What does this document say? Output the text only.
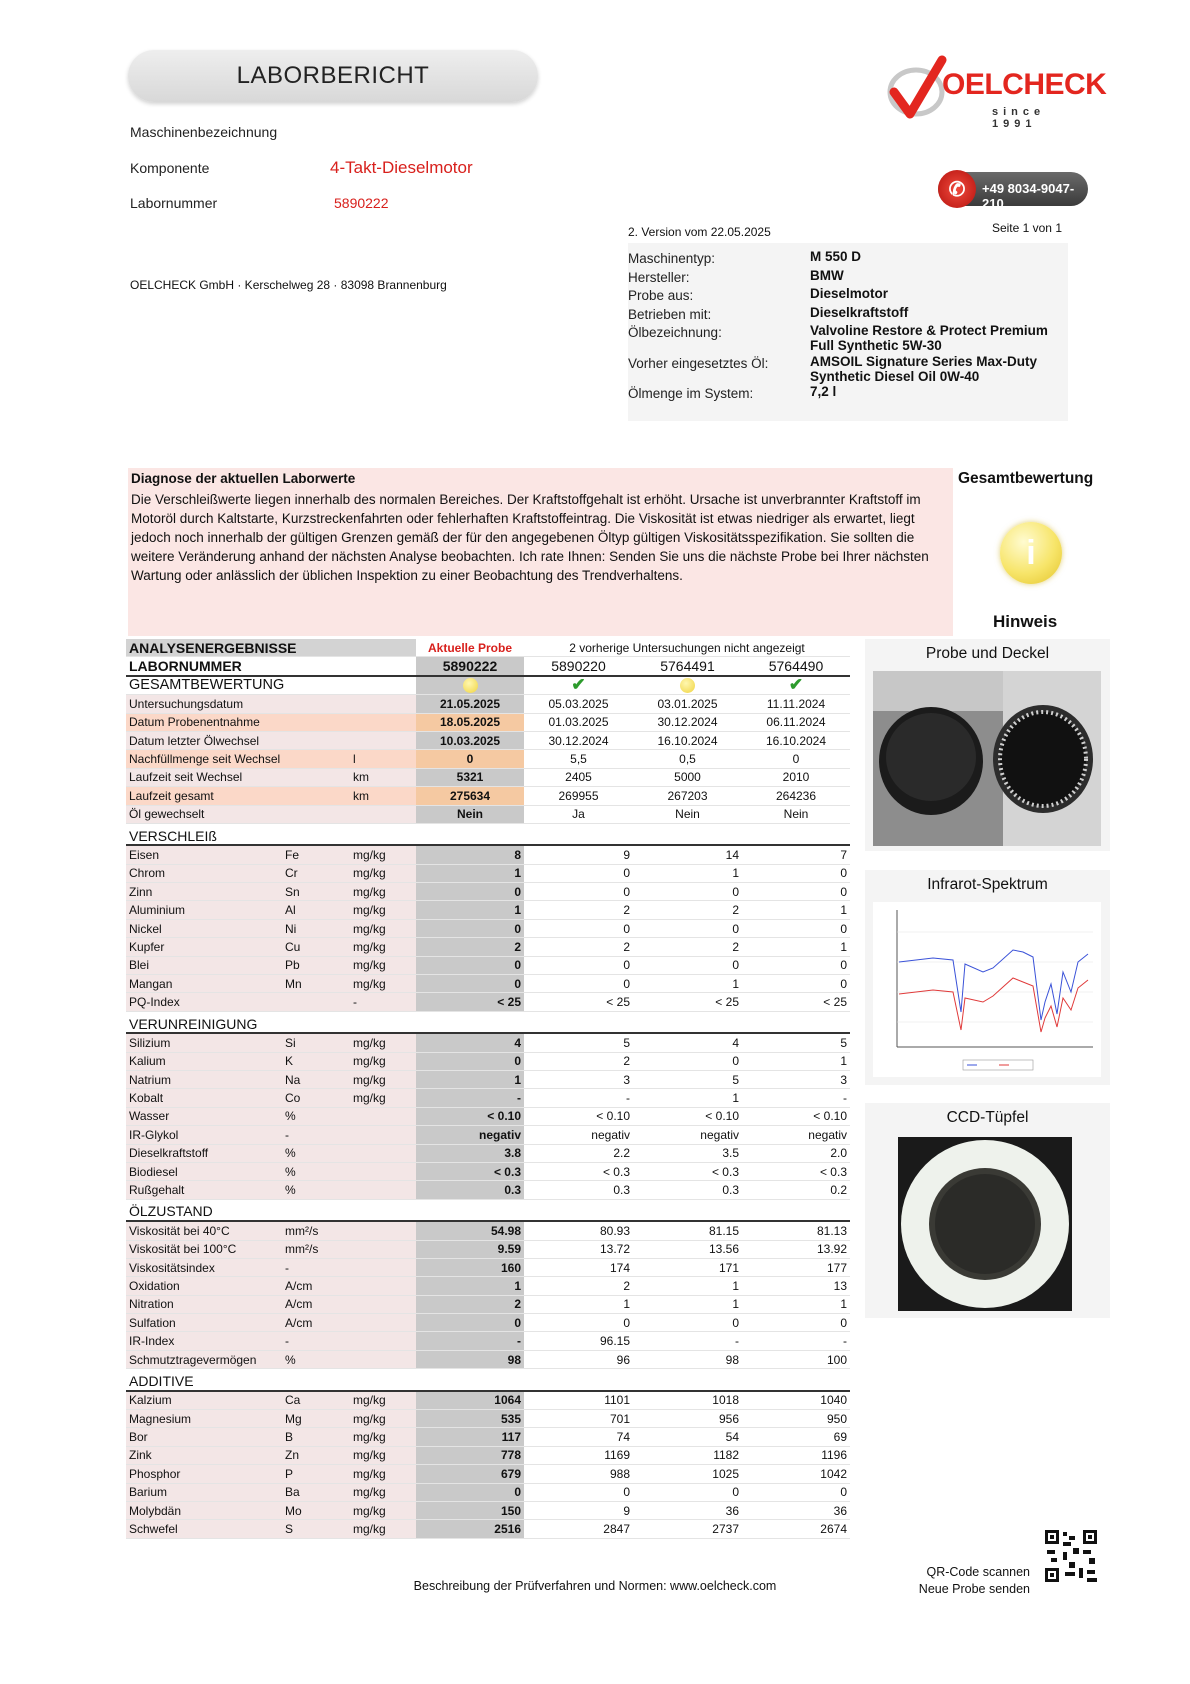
LABORBERICHT	OELCHECK
since 1991
✆	+49 8034-9047-210
Maschinenbezeichnung
Komponente	4-Takt-Dieselmotor
Labornummer	5890222
OELCHECK GmbH · Kerschelweg 28 · 83098 Brannenburg
2. Version vom 22.05.2025	Seite 1 von 1
Maschinentyp:	M 550 D
Hersteller:	BMW
Probe aus:	Dieselmotor
Betrieben mit:	Dieselkraftstoff
Ölbezeichnung:	Valvoline Restore & Protect Premium Full Synthetic 5W-30
Vorher eingesetztes Öl:	AMSOIL Signature Series Max-Duty Synthetic Diesel Oil 0W-40
Ölmenge im System:	7,2 l
Diagnose der aktuellen Laborwerte
Die Verschleißwerte liegen innerhalb des normalen Bereiches. Der Kraftstoffgehalt ist erhöht. Ursache ist unverbrannter Kraftstoff im Motoröl durch Kaltstarte, Kurzstreckenfahrten oder fehlerhaften Kraftstoffeintrag. Die Viskosität ist etwas niedriger als erwartet, liegt jedoch noch innerhalb der gültigen Grenzen gemäß der für den angegebenen Öltyp gültigen Viskositätsspezifikation. Sie sollten die weitere Veränderung anhand der nächsten Analyse beobachten. Ich rate Ihnen: Senden Sie uns die nächste Probe bei Ihrer nächsten Wartung oder anlässlich der üblichen Inspektion zu einer Beobachtung des Trendverhaltens.
Gesamtbewertung
i
Hinweis
ANALYSENERGEBNISSE			Aktuelle Probe	2 vorherige Untersuchungen nicht angezeigt		
LABORNUMMER			5890222	5890220	5764491	5764490
GESAMTBEWERTUNG				✔		✔
Untersuchungsdatum			21.05.2025	05.03.2025	03.01.2025	11.11.2024
Datum Probenentnahme			18.05.2025	01.03.2025	30.12.2024	06.11.2024
Datum letzter Ölwechsel			10.03.2025	30.12.2024	16.10.2024	16.10.2024
Nachfüllmenge seit Wechsel		l	0	5,5	0,5	0
Laufzeit seit Wechsel		km	5321	2405	5000	2010
Laufzeit gesamt		km	275634	269955	267203	264236
Öl gewechselt			Nein	Ja	Nein	Nein
VERSCHLEIß						
Eisen	Fe	mg/kg	8	9	14	7
Chrom	Cr	mg/kg	1	0	1	0
Zinn	Sn	mg/kg	0	0	0	0
Aluminium	Al	mg/kg	1	2	2	1
Nickel	Ni	mg/kg	0	0	0	0
Kupfer	Cu	mg/kg	2	2	2	1
Blei	Pb	mg/kg	0	0	0	0
Mangan	Mn	mg/kg	0	0	1	0
PQ-Index		-	< 25	< 25	< 25	< 25
VERUNREINIGUNG						
Silizium	Si	mg/kg	4	5	4	5
Kalium	K	mg/kg	0	2	0	1
Natrium	Na	mg/kg	1	3	5	3
Kobalt	Co	mg/kg	-	-	1	-
Wasser	%		< 0.10	< 0.10	< 0.10	< 0.10
IR-Glykol	-		negativ	negativ	negativ	negativ
Dieselkraftstoff	%		3.8	2.2	3.5	2.0
Biodiesel	%		< 0.3	< 0.3	< 0.3	< 0.3
Rußgehalt	%		0.3	0.3	0.3	0.2
ÖLZUSTAND						
Viskosität bei 40°C	mm²/s		54.98	80.93	81.15	81.13
Viskosität bei 100°C	mm²/s		9.59	13.72	13.56	13.92
Viskositätsindex	-		160	174	171	177
Oxidation	A/cm		1	2	1	13
Nitration	A/cm		2	1	1	1
Sulfation	A/cm		0	0	0	0
IR-Index	-		-	96.15	-	-
Schmutztragevermögen	%		98	96	98	100
ADDITIVE						
Kalzium	Ca	mg/kg	1064	1101	1018	1040
Magnesium	Mg	mg/kg	535	701	956	950
Bor	B	mg/kg	117	74	54	69
Zink	Zn	mg/kg	778	1169	1182	1196
Phosphor	P	mg/kg	679	988	1025	1042
Barium	Ba	mg/kg	0	0	0	0
Molybdän	Mo	mg/kg	150	9	36	36
Schwefel	S	mg/kg	2516	2847	2737	2674
Probe und Deckel
Infrarot-Spektrum
CCD-Tüpfel
QR-Code scannen
Neue Probe senden
Beschreibung der Prüfverfahren und Normen: www.oelcheck.com
